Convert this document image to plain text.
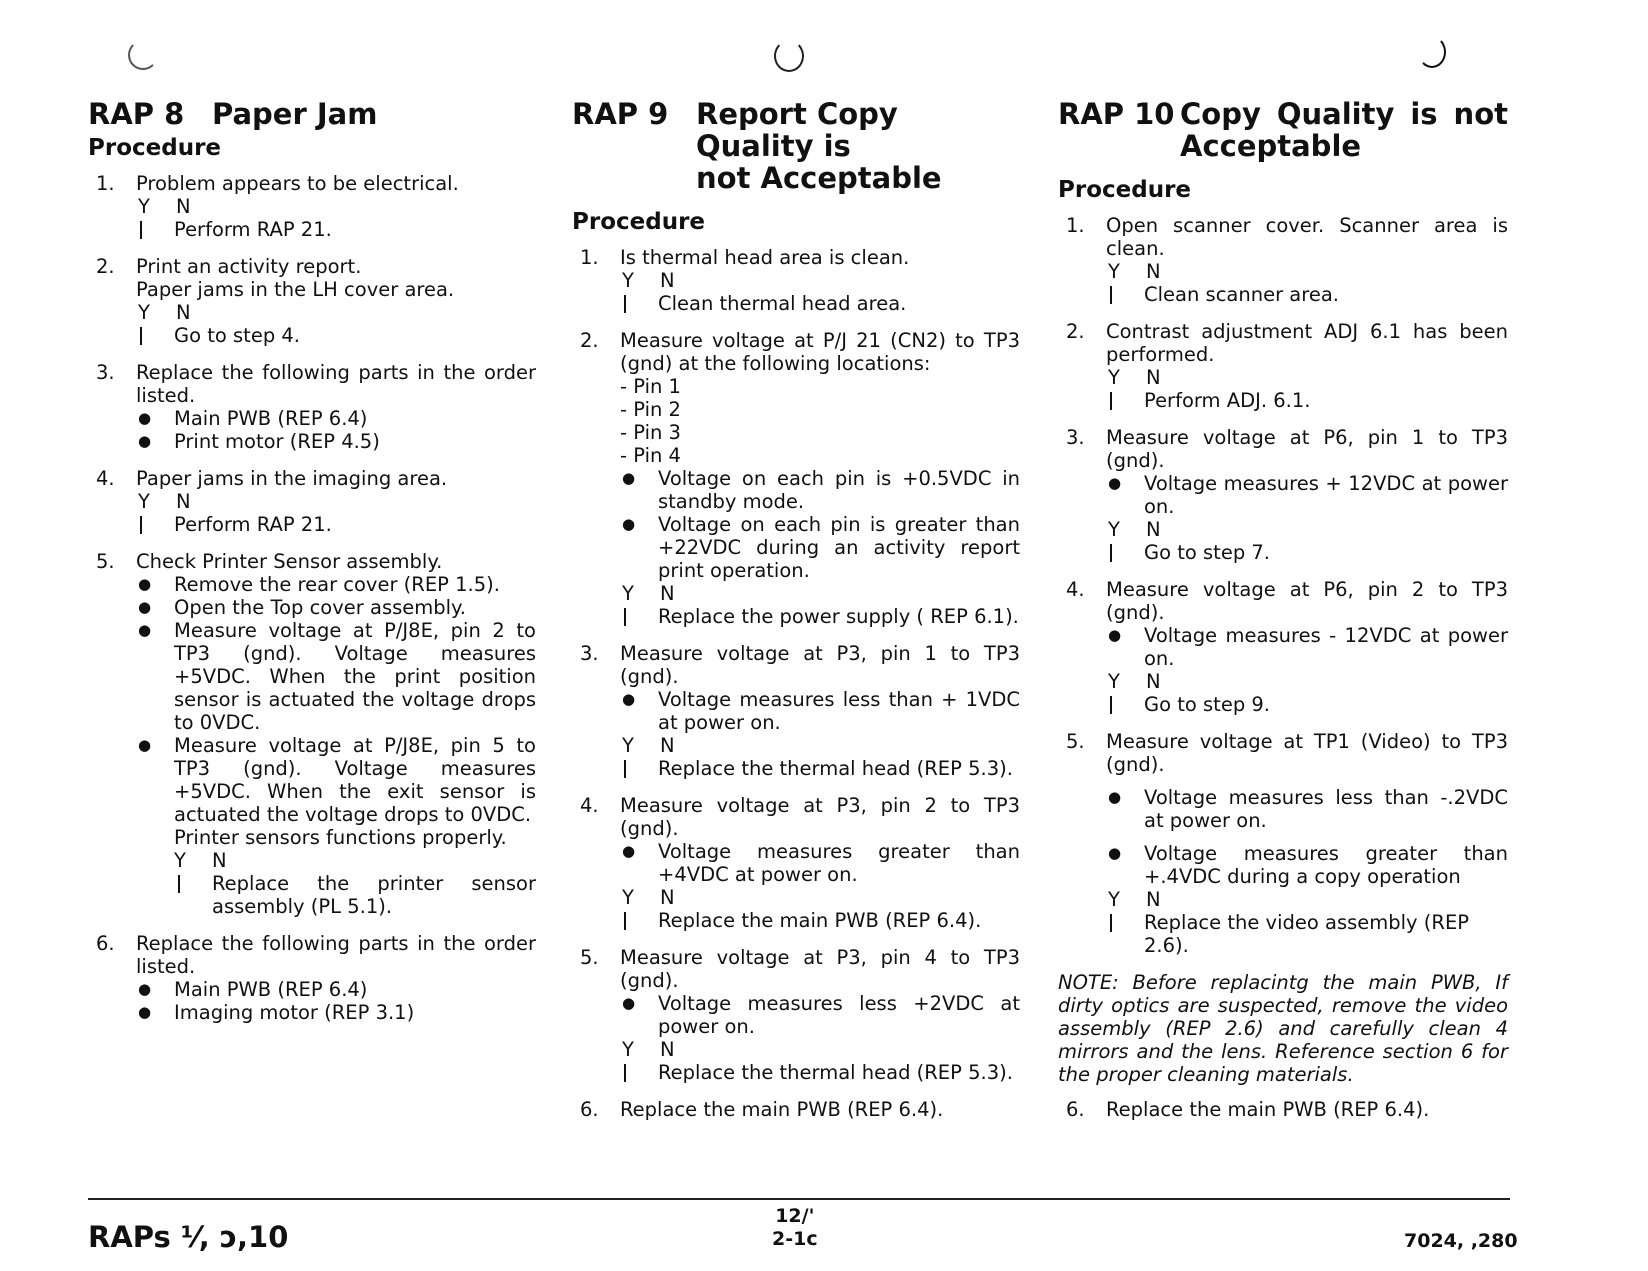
RAP 8 Paper Jam
Procedure
1. Problem appears to be electrical.
Y N
Perform RAP 21.
2. Print an activity report.
Paper jams in the LH cover area.
Y N
Go to step 4.
3. Replace the following parts in the order listed.
● Main PWB (REP 6.4)
● Print motor (REP 4.5)
4. Paper jams in the imaging area.
Y N
Perform RAP 21.
5. Check Printer Sensor assembly.
● Remove the rear cover (REP 1.5).
● Open the Top cover assembly.
● Measure voltage at P/J8E, pin 2 to TP3 (gnd). Voltage measures +5VDC. When the print position sensor is actuated the voltage drops to 0VDC.
● Measure voltage at P/J8E, pin 5 to TP3 (gnd). Voltage measures +5VDC. When the exit sensor is actuated the voltage drops to 0VDC.
Printer sensors functions properly.
Y N
Replace the printer sensor assembly (PL 5.1).
6. Replace the following parts in the order listed.
● Main PWB (REP 6.4)
● Imaging motor (REP 3.1)
RAP 9 Report Copy Quality is
not Acceptable
Procedure
1. Is thermal head area is clean.
Y N
Clean thermal head area.
2. Measure voltage at P/J 21 (CN2) to TP3 (gnd) at the following locations:
- Pin 1
- Pin 2
- Pin 3
- Pin 4
● Voltage on each pin is +0.5VDC in standby mode.
● Voltage on each pin is greater than +22VDC during an activity report print operation.
Y N
Replace the power supply ( REP 6.1).
3. Measure voltage at P3, pin 1 to TP3 (gnd).
● Voltage measures less than + 1VDC at power on.
Y N
Replace the thermal head (REP 5.3).
4. Measure voltage at P3, pin 2 to TP3 (gnd).
● Voltage measures greater than +4VDC at power on.
Y N
Replace the main PWB (REP 6.4).
5. Measure voltage at P3, pin 4 to TP3 (gnd).
● Voltage measures less +2VDC at power on.
Y N
Replace the thermal head (REP 5.3).
6. Replace the main PWB (REP 6.4).
RAP 10 Copy Quality is not
Acceptable
Procedure
1. Open scanner cover. Scanner area is clean.
Y N
Clean scanner area.
2. Contrast adjustment ADJ 6.1 has been performed.
Y N
Perform ADJ. 6.1.
3. Measure voltage at P6, pin 1 to TP3 (gnd).
● Voltage measures + 12VDC at power on.
Y N
Go to step 7.
4. Measure voltage at P6, pin 2 to TP3 (gnd).
● Voltage measures - 12VDC at power on.
Y N
Go to step 9.
5. Measure voltage at TP1 (Video) to TP3 (gnd).
● Voltage measures less than -.2VDC at power on.
● Voltage measures greater than +.4VDC during a copy operation
Y N
Replace the video assembly (REP 2.6).

NOTE: Before replacintg the main PWB, If dirty optics are suspected, remove the video assembly (REP 2.6) and carefully clean 4 mirrors and the lens. Reference section 6 for the proper cleaning materials.

6. Replace the main PWB (REP 6.4).
RAPs ⅟, ↄ,10
12/'
2-1ⅽ	7024, ,280
